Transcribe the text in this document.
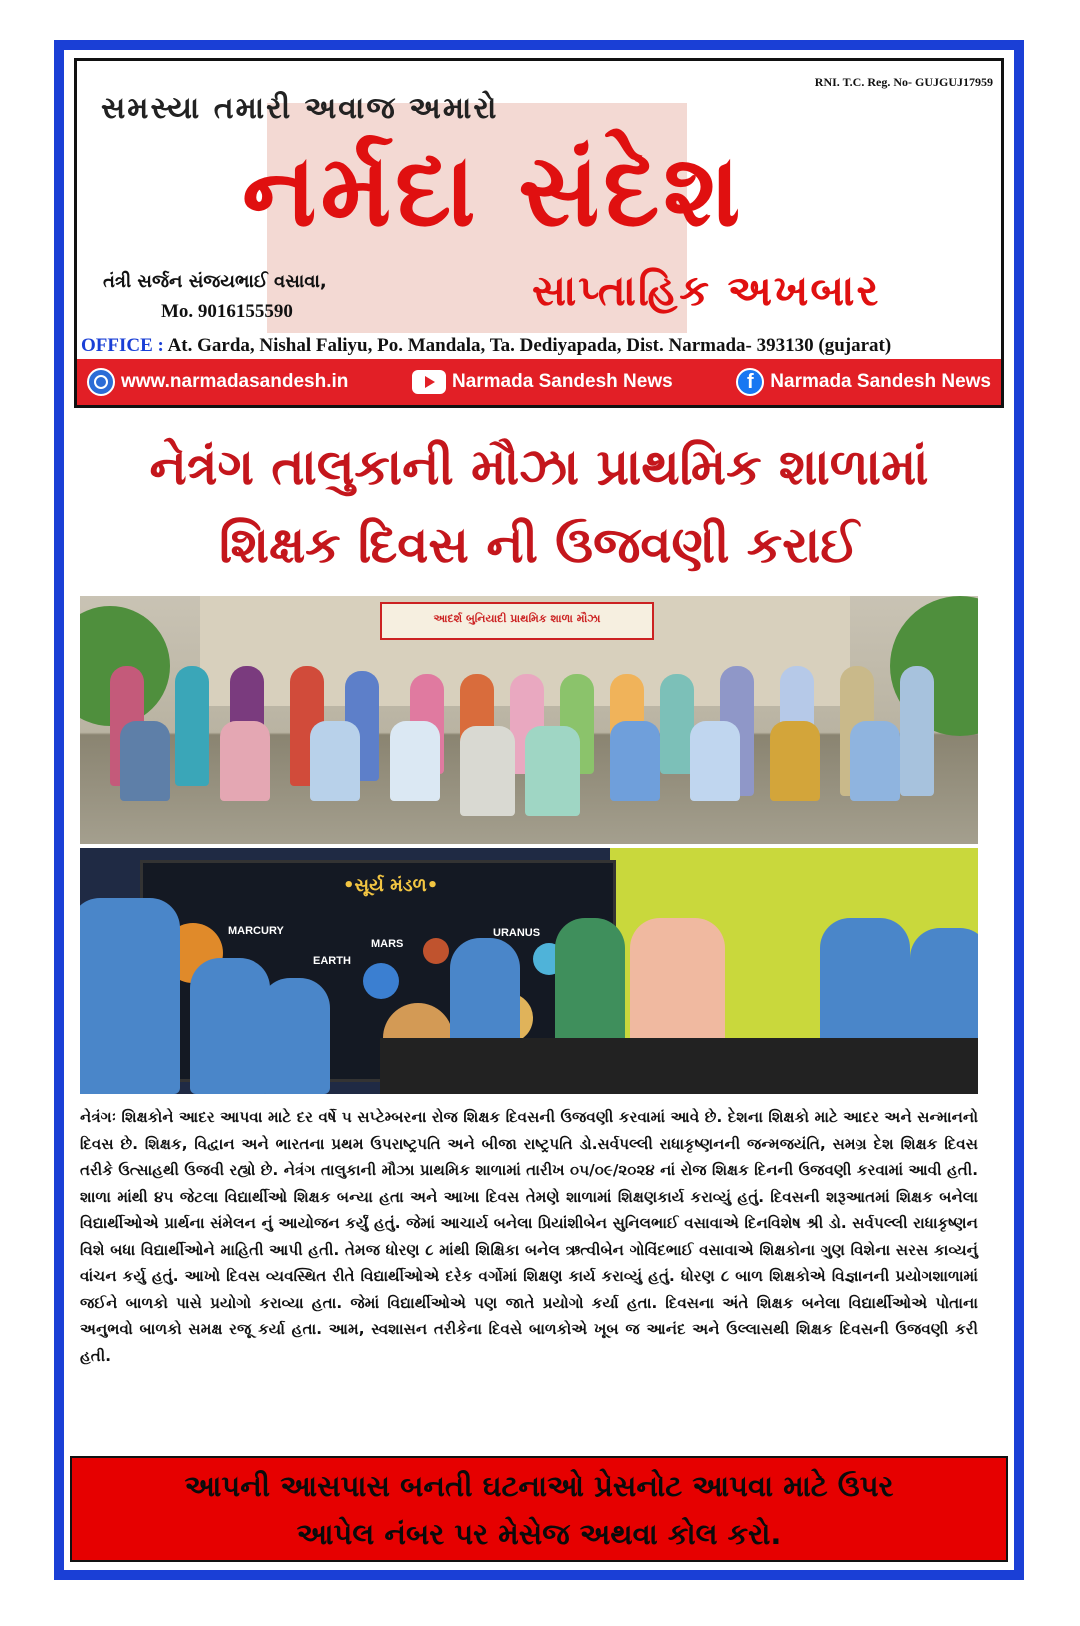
સમસ્યા તમારી અવાજ અમારો
RNI. T.C. Reg. No- GUJGUJ17959
નર્મદા સંદેશ
તંત્રી સર્જન સંજયભાઈ વસાવા,
Mo. 9016155590	સાપ્તાહિક અખબાર
OFFICE : At. Garda, Nishal Faliyu, Po. Mandala, Ta. Dediyapada, Dist. Narmada- 393130 (gujarat)
www.narmadasandesh.in	Narmada Sandesh News	f Narmada Sandesh News
નેત્રંગ તાલુકાની મૌઝા પ્રાથમિક શાળામાં
શિક્ષક દિવસ ની ઉજવણી કરાઈ
આદર્શ બુનિયાદી પ્રાથમિક શાળા મૌઝા
•સૂર્ય મંડળ•
MARCURY
EARTH
MARS
URANUS
નેત્રંગઃ શિક્ષકોને આદર આપવા માટે દર વર્ષે ૫ સપ્ટેમ્બરના રોજ શિક્ષક દિવસની ઉજવણી કરવામાં આવે છે. દેશના શિક્ષકો માટે આદર અને સન્માનનો દિવસ છે. શિક્ષક, વિદ્વાન અને ભારતના પ્રથમ ઉપરાષ્ટ્રપતિ અને બીજા રાષ્ટ્રપતિ ડો.સર્વપલ્લી રાધાકૃષ્ણનની જન્મજયંતિ, સમગ્ર દેશ શિક્ષક દિવસ તરીકે ઉત્સાહથી ઉજવી રહ્યો છે. નેત્રંગ તાલુકાની મૌઝા પ્રાથમિક શાળામાં તારીખ ૦૫/૦૯/૨૦૨૪ નાં રોજ શિક્ષક દિનની ઉજવણી કરવામાં આવી હતી. શાળા માંથી ૪૫ જેટલા વિદ્યાર્થીઓ શિક્ષક બન્યા હતા અને આખા દિવસ તેમણે શાળામાં શિક્ષણકાર્ય કરાવ્યું હતું. દિવસની શરૂઆતમાં શિક્ષક બનેલા વિદ્યાર્થીઓએ પ્રાર્થના સંમેલન નું આયોજન કર્યું હતું. જેમાં આચાર્ય બનેલા પ્રિયાંશીબેન સુનિલભાઈ વસાવાએ દિનવિશેષ શ્રી ડો. સર્વપલ્લી રાધાકૃષ્ણન વિશે બધા વિદ્યાર્થીઓને માહિતી આપી હતી. તેમજ ધોરણ ૮ માંથી શિક્ષિકા બનેલ ઋત્વીબેન ગોવિંદભાઈ વસાવાએ શિક્ષકોના ગુણ વિશેના સરસ કાવ્યનું વાંચન કર્યુ હતું. આખો દિવસ વ્યવસ્થિત રીતે વિદ્યાર્થીઓએ દરેક વર્ગોમાં શિક્ષણ કાર્ય કરાવ્યું હતું. ધોરણ ૮ બાળ શિક્ષકોએ વિજ્ઞાનની પ્રયોગશાળામાં જઈને બાળકો પાસે પ્રયોગો કરાવ્યા હતા. જેમાં વિદ્યાર્થીઓએ પણ જાતે પ્રયોગો કર્યા હતા. દિવસના અંતે શિક્ષક બનેલા વિદ્યાર્થીઓએ પોતાના અનુભવો બાળકો સમક્ષ રજૂ કર્યા હતા. આમ, સ્વશાસન તરીકેના દિવસે બાળકોએ ખૂબ જ આનંદ અને ઉલ્લાસથી શિક્ષક દિવસની ઉજવણી કરી હતી.
આપની આસપાસ બનતી ઘટનાઓ પ્રેસનોટ આપવા માટે ઉપર
આપેલ નંબર પર મેસેજ અથવા કોલ કરો.
